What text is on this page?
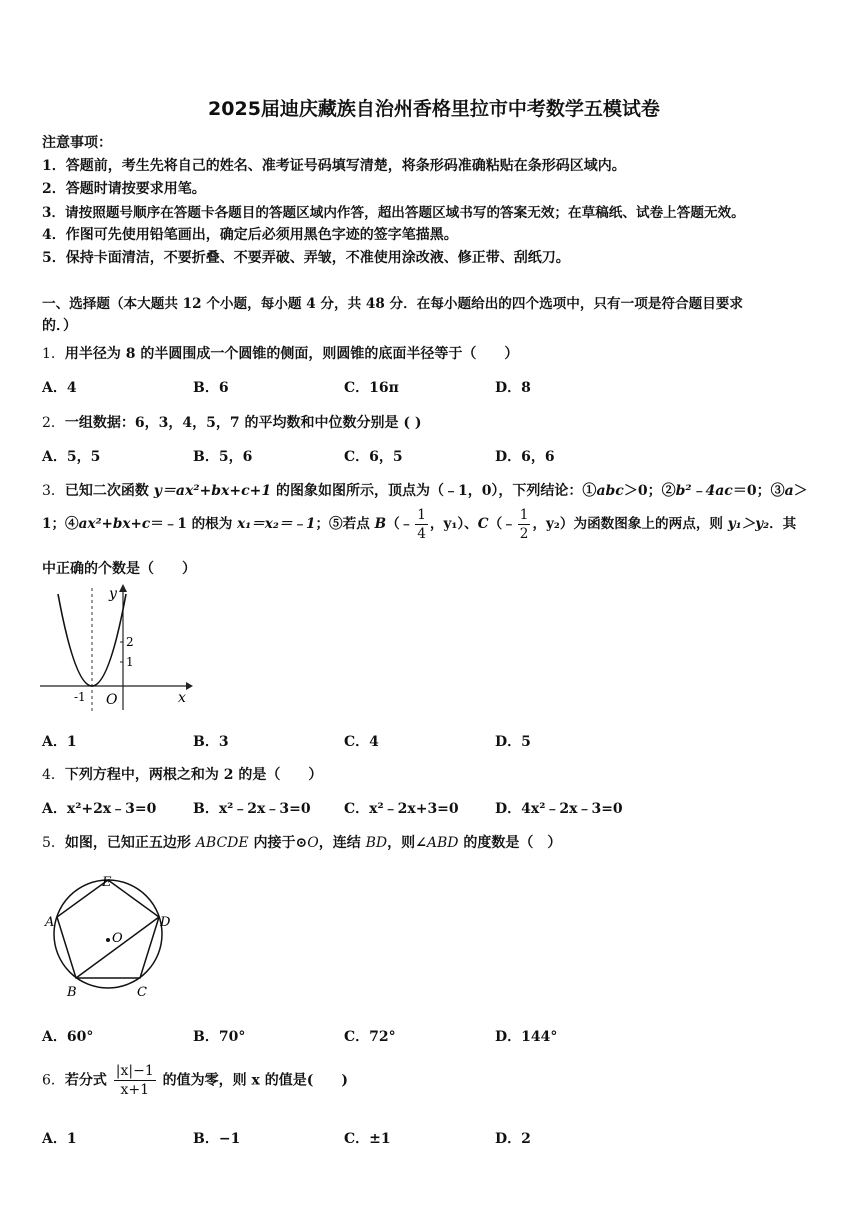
2025届迪庆藏族自治州香格里拉市中考数学五模试卷
注意事项：
1．答题前，考生先将自己的姓名、准考证号码填写清楚，将条形码准确粘贴在条形码区域内。
2．答题时请按要求用笔。
3．请按照题号顺序在答题卡各题目的答题区域内作答，超出答题区域书写的答案无效；在草稿纸、试卷上答题无效。
4．作图可先使用铅笔画出，确定后必须用黑色字迹的签字笔描黑。
5．保持卡面清洁，不要折叠、不要弄破、弄皱，不准使用涂改液、修正带、刮纸刀。
一、选择题（本大题共 12 个小题，每小题 4 分，共 48 分．在每小题给出的四个选项中，只有一项是符合题目要求
的．）
1．用半径为 8 的半圆围成一个圆锥的侧面，则圆锥的底面半径等于（　　）
A．4	B．6	C．16π	D．8
2．一组数据：6，3，4，5，7 的平均数和中位数分别是 ( )
A．5，5	B．5，6	C．6，5	D．6，6
3．已知二次函数 y＝ax²+bx+c+1 的图象如图所示，顶点为（﹣1，0），下列结论：①abc＞0；②b²﹣4ac＝0；③a＞
1；④ax²+bx+c＝﹣1 的根为 x₁＝x₂＝﹣1；⑤若点 B（﹣ $\frac{1}{4}$ ，y₁）、C（﹣ $\frac{1}{2}$ ，y₂）为函数图象上的两点，则 y₁＞y₂．其
中正确的个数是（　　）
y
x
O
2
1
-1
A．1	B．3	C．4	D．5
4．下列方程中，两根之和为 2 的是（　　）
A．x²+2x﹣3=0	B．x²﹣2x﹣3=0 C．x²﹣2x+3=0	D．4x²﹣2x﹣3=0
5．如图，已知正五边形 ABCDE 内接于⊙O，连结 BD，则∠ABD 的度数是（　）
E
A	D
B	C
O
A．60°	B．70°	C．72°	D．144°
6．若分式 $\frac{|x|-1}{x+1}$ 的值为零，则 x 的值是(　　)
A．1	B．−1	C．±1	D．2
